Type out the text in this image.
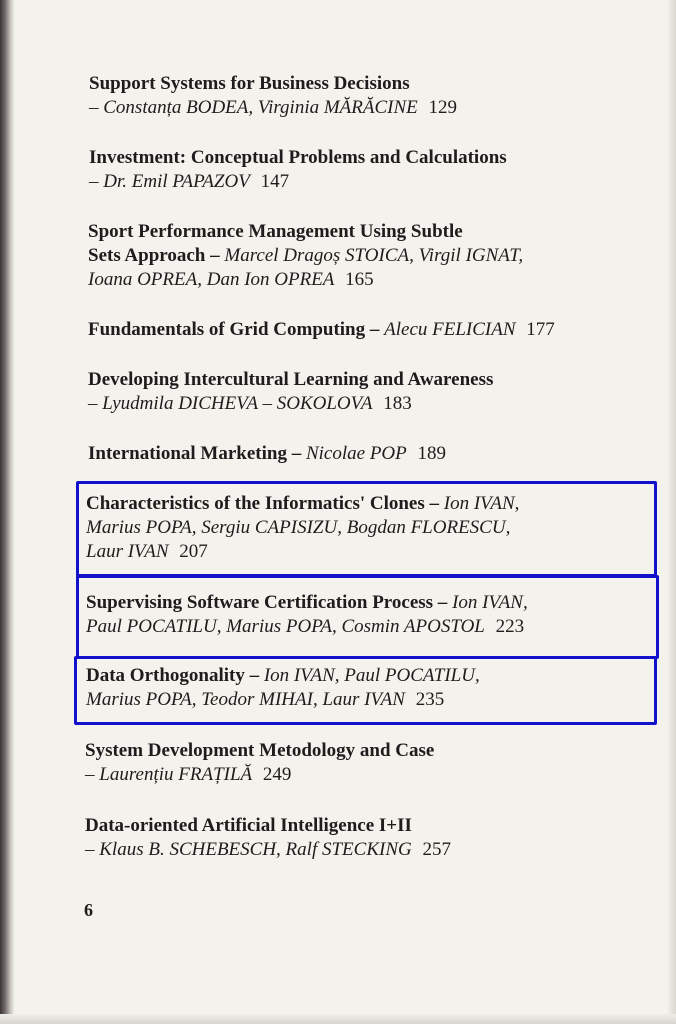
Support Systems for Business Decisions
– Constanța BODEA, Virginia MĂRĂCINE 129
Investment: Conceptual Problems and Calculations
– Dr. Emil PAPAZOV 147
Sport Performance Management Using Subtle
Sets Approach – Marcel Dragoș STOICA, Virgil IGNAT,
Ioana OPREA, Dan Ion OPREA 165
Fundamentals of Grid Computing – Alecu FELICIAN 177
Developing Intercultural Learning and Awareness
– Lyudmila DICHEVA – SOKOLOVA 183
International Marketing – Nicolae POP 189
Characteristics of the Informatics' Clones – Ion IVAN,
Marius POPA, Sergiu CAPISIZU, Bogdan FLORESCU,
Laur IVAN 207
Supervising Software Certification Process – Ion IVAN,
Paul POCATILU, Marius POPA, Cosmin APOSTOL 223
Data Orthogonality – Ion IVAN, Paul POCATILU,
Marius POPA, Teodor MIHAI, Laur IVAN 235
System Development Metodology and Case
– Laurențiu FRAȚILĂ 249
Data-oriented Artificial Intelligence I+II
– Klaus B. SCHEBESCH, Ralf STECKING 257
6
